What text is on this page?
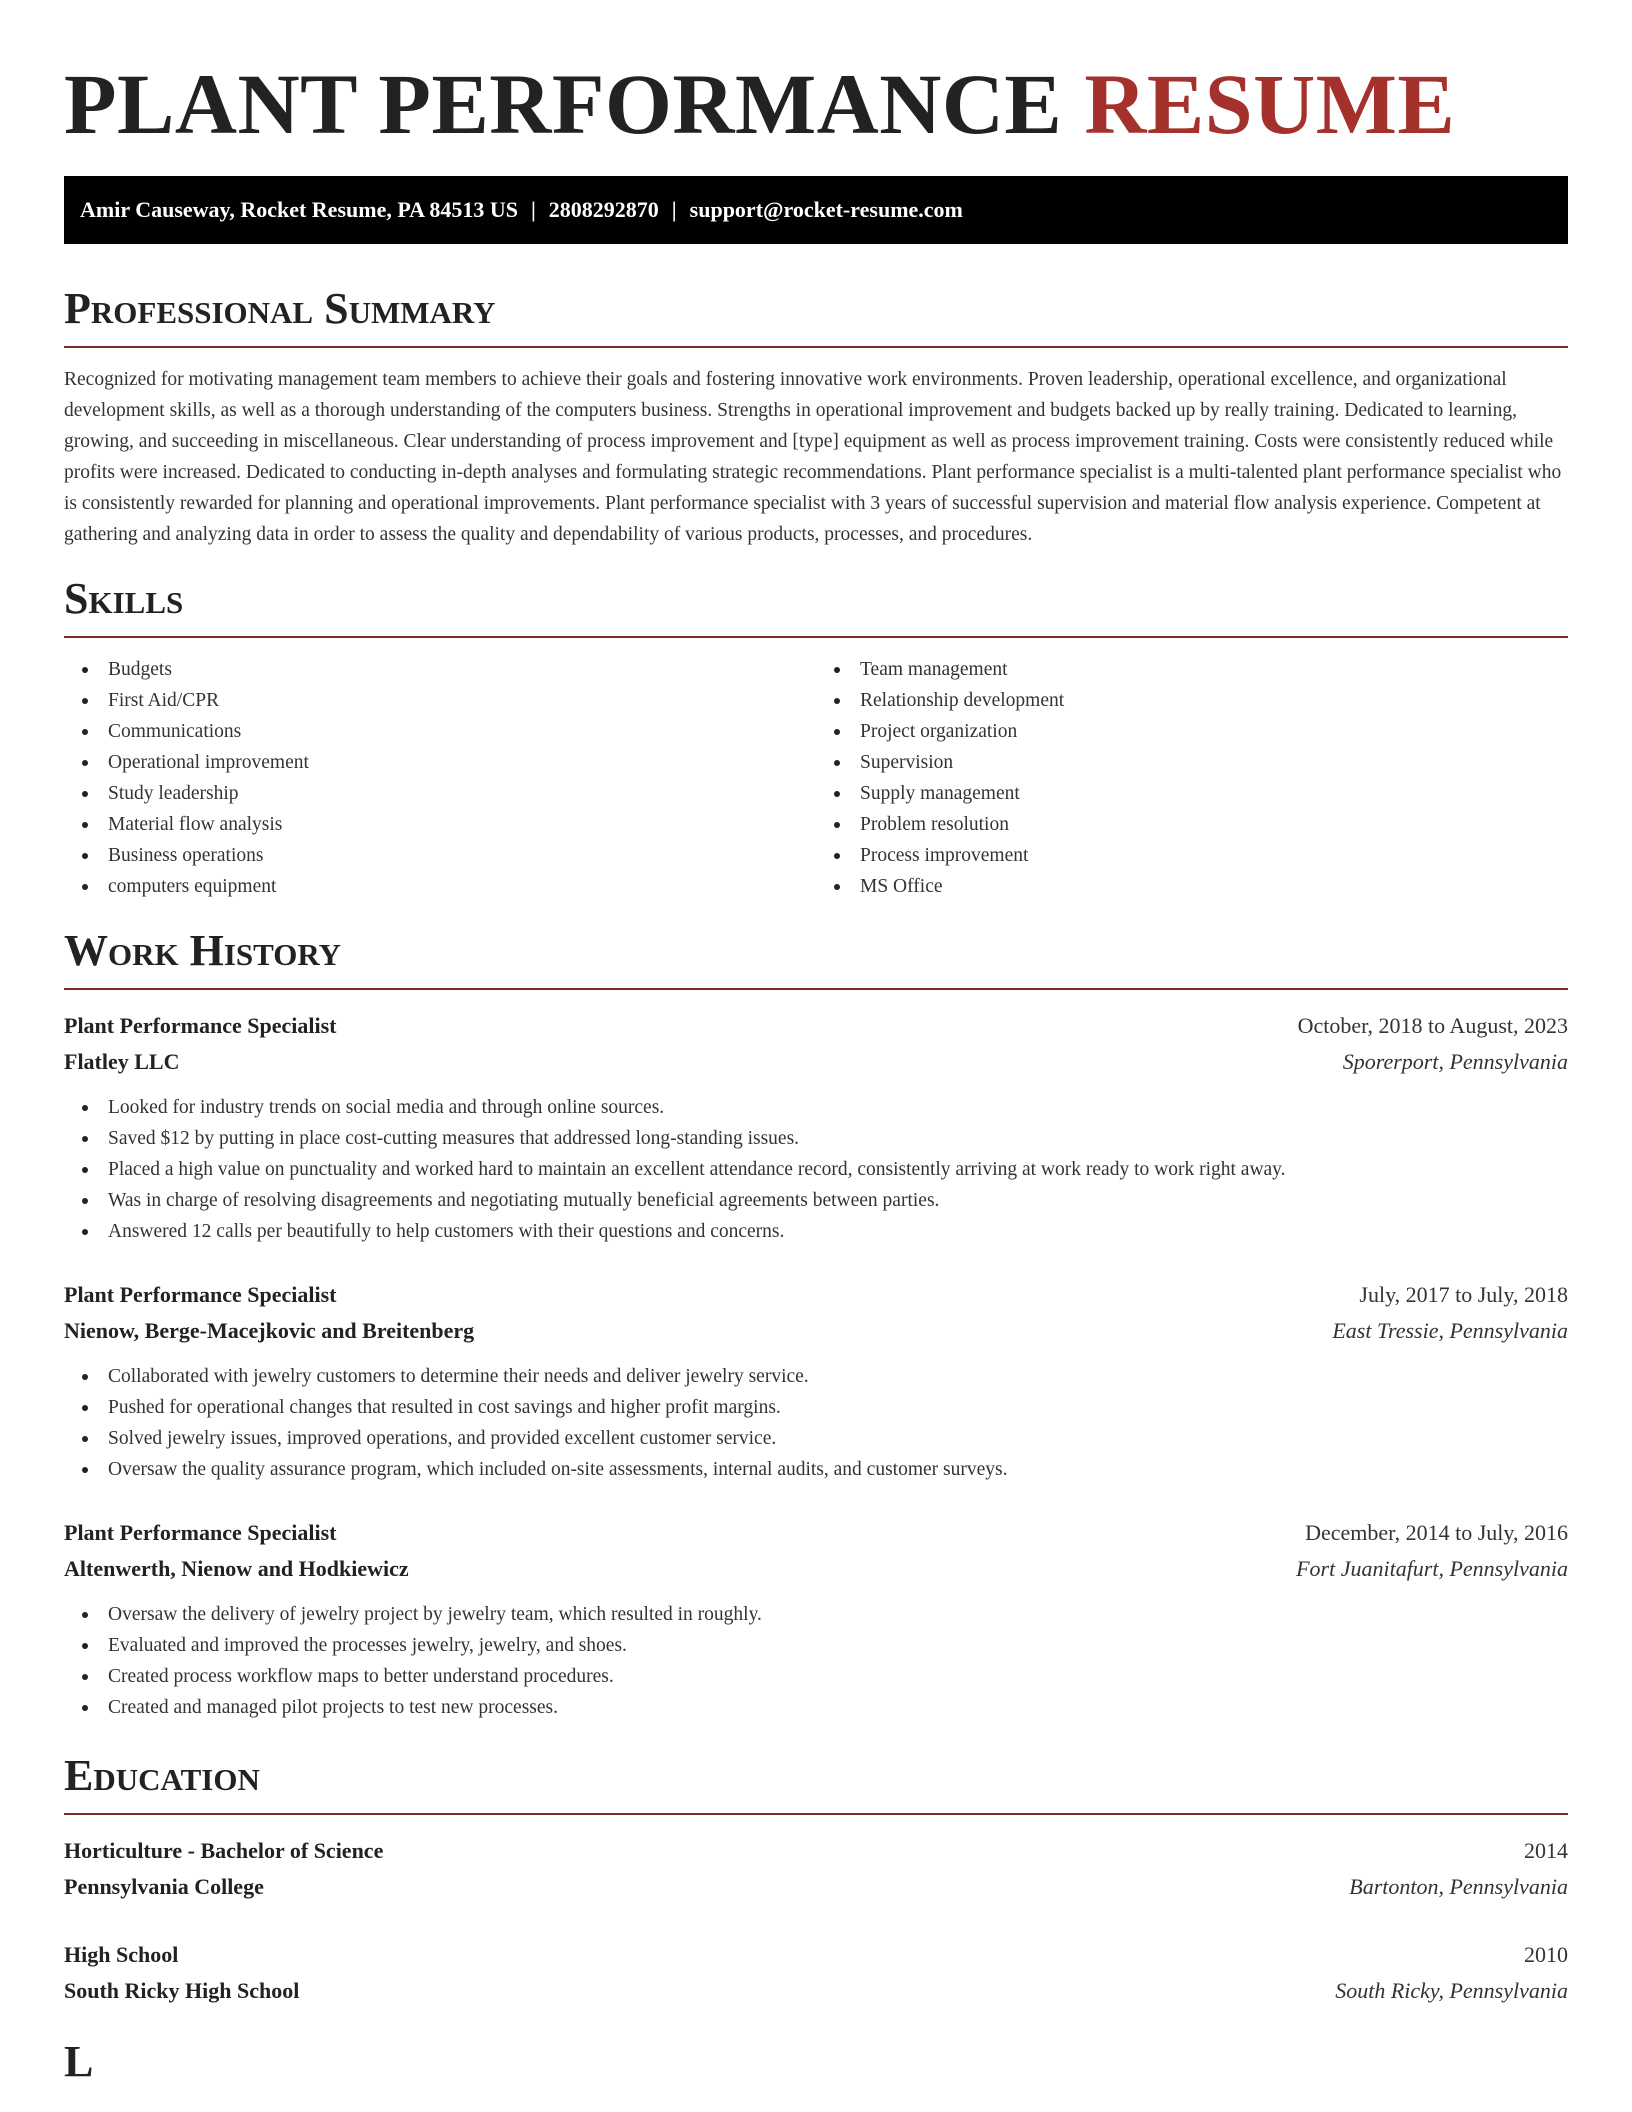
PLANT PERFORMANCE RESUME
Amir Causeway, Rocket Resume, PA 84513 US | 2808292870 | support@rocket-resume.com
Professional Summary

Recognized for motivating management team members to achieve their goals and fostering innovative work environments. Proven leadership, operational excellence, and organizational development skills, as well as a thorough understanding of the computers business. Strengths in operational improvement and budgets backed up by really training. Dedicated to learning, growing, and succeeding in miscellaneous. Clear understanding of process improvement and [type] equipment as well as process improvement training. Costs were consistently reduced while profits were increased. Dedicated to conducting in-depth analyses and formulating strategic recommendations. Plant performance specialist is a multi-talented plant performance specialist who is consistently rewarded for planning and operational improvements. Plant performance specialist with 3 years of successful supervision and material flow analysis experience. Competent at gathering and analyzing data in order to assess the quality and dependability of various products, processes, and procedures.

Skills
Budgets
First Aid/CPR
Communications
Operational improvement
Study leadership
Material flow analysis
Business operations
computers equipment
Team management
Relationship development
Project organization
Supervision
Supply management
Problem resolution
Process improvement
MS Office
Work History
Plant Performance Specialist	October, 2018 to August, 2023
Flatley LLC	Sporerport, Pennsylvania
Looked for industry trends on social media and through online sources.
Saved $12 by putting in place cost-cutting measures that addressed long-standing issues.
Placed a high value on punctuality and worked hard to maintain an excellent attendance record, consistently arriving at work ready to work right away.
Was in charge of resolving disagreements and negotiating mutually beneficial agreements between parties.
Answered 12 calls per beautifully to help customers with their questions and concerns.
Plant Performance Specialist	July, 2017 to July, 2018
Nienow, Berge-Macejkovic and Breitenberg	East Tressie, Pennsylvania
Collaborated with jewelry customers to determine their needs and deliver jewelry service.
Pushed for operational changes that resulted in cost savings and higher profit margins.
Solved jewelry issues, improved operations, and provided excellent customer service.
Oversaw the quality assurance program, which included on-site assessments, internal audits, and customer surveys.
Plant Performance Specialist	December, 2014 to July, 2016
Altenwerth, Nienow and Hodkiewicz	Fort Juanitafurt, Pennsylvania
Oversaw the delivery of jewelry project by jewelry team, which resulted in roughly.
Evaluated and improved the processes jewelry, jewelry, and shoes.
Created process workflow maps to better understand procedures.
Created and managed pilot projects to test new processes.
Education
Horticulture - Bachelor of Science	2014
Pennsylvania College	Bartonton, Pennsylvania
High School	2010
South Ricky High School	South Ricky, Pennsylvania
L
